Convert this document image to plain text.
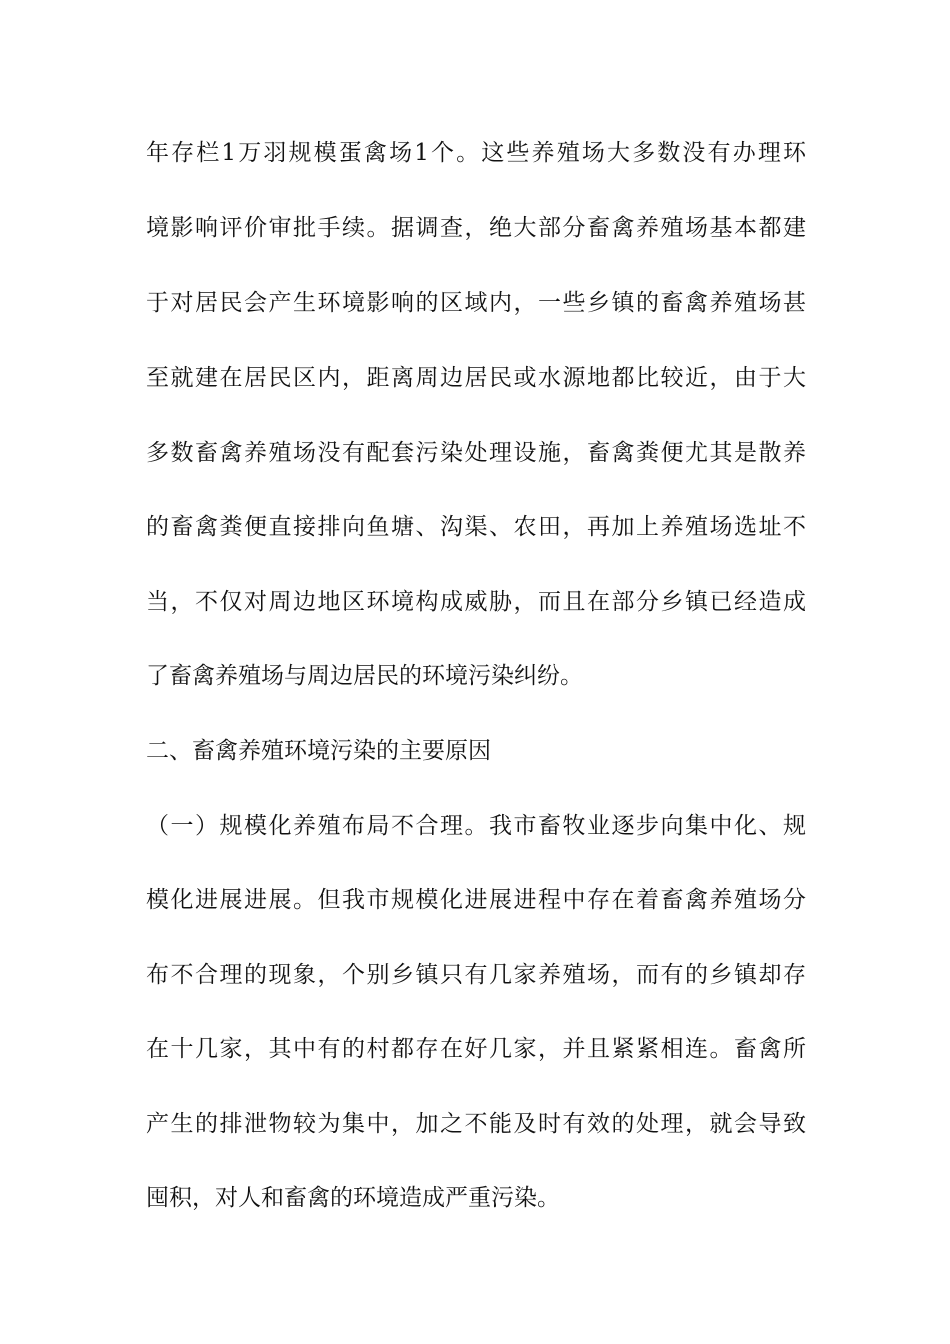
年存栏1万羽规模蛋禽场1个。这些养殖场大多数没有办理环
境影响评价审批手续。据调查，绝大部分畜禽养殖场基本都建
于对居民会产生环境影响的区域内，一些乡镇的畜禽养殖场甚
至就建在居民区内，距离周边居民或水源地都比较近，由于大
多数畜禽养殖场没有配套污染处理设施，畜禽粪便尤其是散养
的畜禽粪便直接排向鱼塘、沟渠、农田，再加上养殖场选址不
当，不仅对周边地区环境构成威胁，而且在部分乡镇已经造成
了畜禽养殖场与周边居民的环境污染纠纷。
二、畜禽养殖环境污染的主要原因
（一）规模化养殖布局不合理。我市畜牧业逐步向集中化、规
模化进展进展。但我市规模化进展进程中存在着畜禽养殖场分
布不合理的现象，个别乡镇只有几家养殖场，而有的乡镇却存
在十几家，其中有的村都存在好几家，并且紧紧相连。畜禽所
产生的排泄物较为集中，加之不能及时有效的处理，就会导致
囤积，对人和畜禽的环境造成严重污染。
